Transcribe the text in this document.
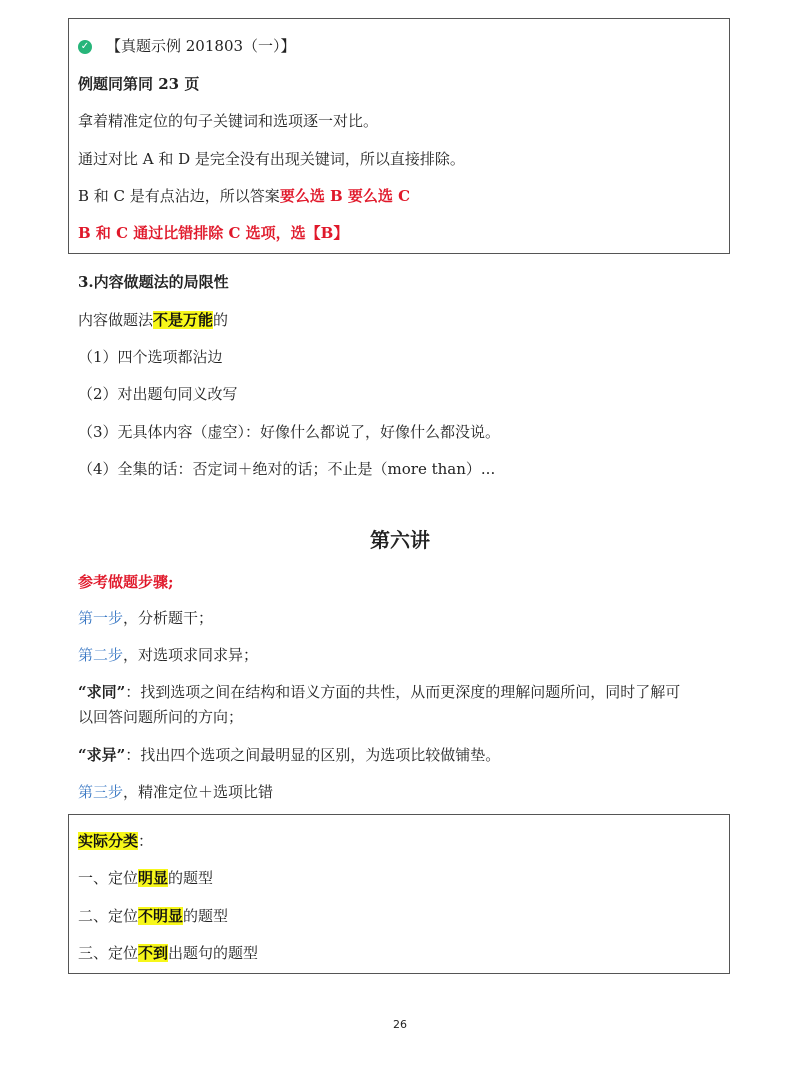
✓ 【真题示例 201803（一）】
例题同第同 23 页
拿着精准定位的句子关键词和选项逐一对比。
通过对比 A 和 D 是完全没有出现关键词，所以直接排除。
B 和 C 是有点沾边，所以答案要么选 B 要么选 C
B 和 C 通过比错排除 C 选项，选【B】
3.内容做题法的局限性
内容做题法不是万能的
（1）四个选项都沾边
（2）对出题句同义改写
（3）无具体内容（虚空）：好像什么都说了，好像什么都没说。
（4）全集的话：否定词＋绝对的话；不止是（more than）...
第六讲
参考做题步骤;
第一步，分析题干；
第二步，对选项求同求异；
“求同”：找到选项之间在结构和语义方面的共性，从而更深度的理解问题所问，同时了解可
以回答问题所问的方向；
“求异”：找出四个选项之间最明显的区别，为选项比较做铺垫。
第三步，精准定位＋选项比错
实际分类：
一、定位明显的题型
二、定位不明显的题型
三、定位不到出题句的题型
26
